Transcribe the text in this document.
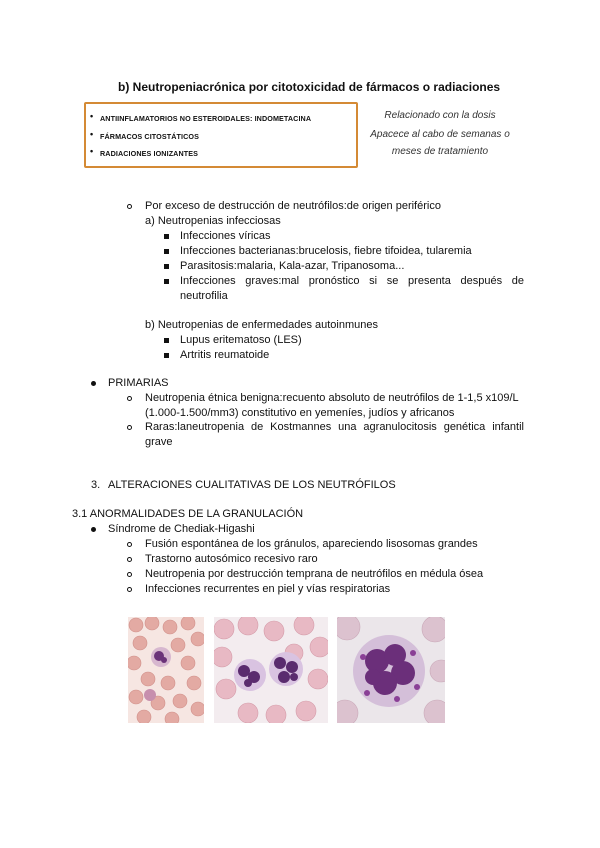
b) Neutropeniacrónica por citotoxicidad de fármacos o radiaciones
• ANTIINFLAMATORIOS NO ESTEROIDALES: INDOMETACINA
• FÁRMACOS CITOSTÁTICOS
• RADIACIONES IONIZANTES
Relacionado con la dosis
Apacece al cabo de semanas o
meses de tratamiento
Por exceso de destrucción de neutrófilos:de origen periférico
a) Neutropenias infecciosas
Infecciones víricas
Infecciones bacterianas:brucelosis, fiebre tifoidea, tularemia
Parasitosis:malaria, Kala-azar, Tripanosoma...
Infecciones graves:mal pronóstico si se presenta después de
neutrofilia
b) Neutropenias de enfermedades autoinmunes
Lupus eritematoso (LES)
Artritis reumatoide
PRIMARIAS
Neutropenia étnica benigna:recuento absoluto de neutrófilos de 1-1,5 x109/L
(1.000-1.500/mm3) constitutivo en yemeníes, judíos y africanos
Raras:laneutropenia de Kostmannes una agranulocitosis genética infantil
grave
3. ALTERACIONES CUALITATIVAS DE LOS NEUTRÓFILOS
3.1 ANORMALIDADES DE LA GRANULACIÓN
Síndrome de Chediak-Higashi
Fusión espontánea de los gránulos, apareciendo lisosomas grandes
Trastorno autosómico recesivo raro
Neutropenia por destrucción temprana de neutrófilos en médula ósea
Infecciones recurrentes en piel y vías respiratorias
